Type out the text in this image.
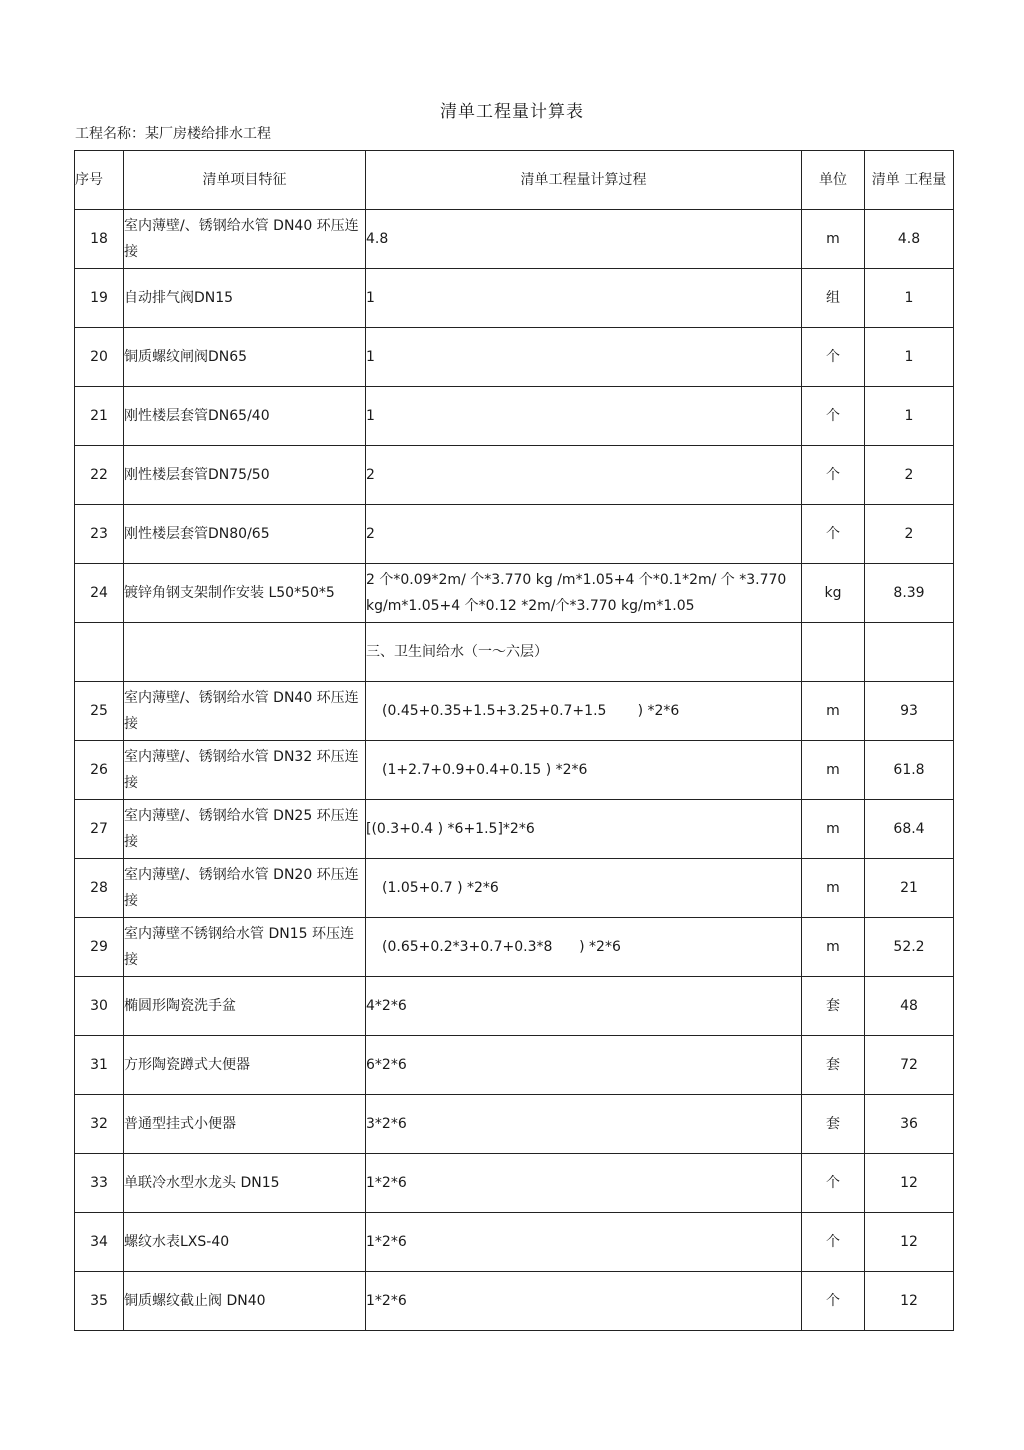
清单工程量计算表
工程名称：某厂房楼给排水工程
序号	清单项目特征	清单工程量计算过程	单位	清单 工程量
18	室内薄壁/、锈钢给水管 DN40 环压连接	4.8	m	4.8
19	自动排气阀DN15	1	组	1
20	铜质螺纹闸阀DN65	1	个	1
21	刚性楼层套管DN65/40	1	个	1
22	刚性楼层套管DN75/50	2	个	2
23	刚性楼层套管DN80/65	2	个	2
24	镀锌角钢支架制作安装 L50*50*5	2 个*0.09*2m/ 个*3.770 kg /m*1.05+4 个*0.1*2m/ 个 *3.770 kg/m*1.05+4 个*0.12 *2m/个*3.770 kg/m*1.05	kg	8.39
		三、卫生间给水（一～六层）		
25	室内薄壁/、锈钢给水管 DN40 环压连接	(0.45+0.35+1.5+3.25+0.7+1.5       ) *2*6	m	93
26	室内薄壁/、锈钢给水管 DN32 环压连接	(1+2.7+0.9+0.4+0.15 ) *2*6	m	61.8
27	室内薄壁/、锈钢给水管 DN25 环压连接	[(0.3+0.4 ) *6+1.5]*2*6	m	68.4
28	室内薄壁/、锈钢给水管 DN20 环压连接	(1.05+0.7 ) *2*6	m	21
29	室内薄壁不锈钢给水管 DN15 环压连接	(0.65+0.2*3+0.7+0.3*8      ) *2*6	m	52.2
30	椭圆形陶瓷洗手盆	4*2*6	套	48
31	方形陶瓷蹲式大便器	6*2*6	套	72
32	普通型挂式小便器	3*2*6	套	36
33	单联冷水型水龙头 DN15	1*2*6	个	12
34	螺纹水表LXS-40	1*2*6	个	12
35	铜质螺纹截止阀 DN40	1*2*6	个	12
